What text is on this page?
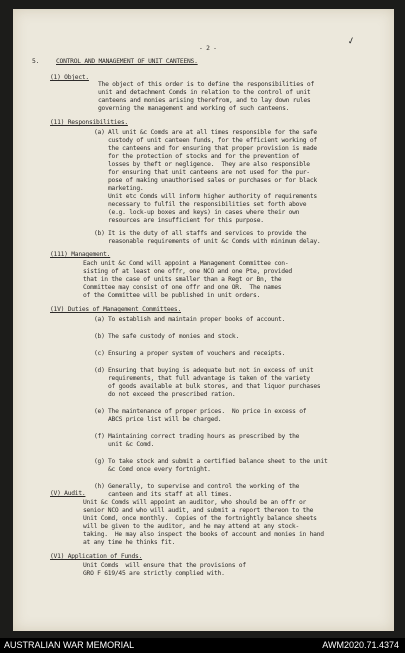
✓
- 2 -
5.	CONTROL AND MANAGEMENT OF UNIT CANTEENS.
(1) Object.
The object of this order is to define the responsibilities of
unit and detachment Comds in relation to the control of unit
canteens and monies arising therefrom, and to lay down rules
governing the management and working of such canteens.
(11) Responsibilities.
(a) All unit &c Comds are at all times responsible for the safe
custody of unit canteen funds, for the efficient working of
the canteens and for ensuring that proper provision is made
for the protection of stocks and for the prevention of
losses by theft or negligence.  They are also responsible
for ensuring that unit canteens are not used for the pur-
pose of making unauthorised sales or purchases or for black
marketing.
Unit etc Comds will inform higher authority of requirements
necessary to fulfil the responsibilities set forth above
(e.g. lock-up boxes and keys) in cases where their own
resources are insufficient for this purpose.
(b) It is the duty of all staffs and services to provide the
reasonable requirements of unit &c Comds with minimum delay.
(111) Management.
Each unit &c Comd will appoint a Management Committee con-
sisting of at least one offr, one NCO and one Pte, provided
that in the case of units smaller than a Regt or Bn, the
Committee may consist of one offr and one OR.  The names
of the Committee will be published in unit orders.
(1V) Duties of Management Committees.
(a) To establish and maintain proper books of account.
(b) The safe custody of monies and stock.
(c) Ensuring a proper system of vouchers and receipts.
(d) Ensuring that buying is adequate but not in excess of unit
requirements, that full advantage is taken of the variety
of goods available at bulk stores, and that liquor purchases
do not exceed the prescribed ration.
(e) The maintenance of proper prices.  No price in excess of
ABCS price list will be charged.
(f) Maintaining correct trading hours as prescribed by the
unit &c Comd.
(g) To take stock and submit a certified balance sheet to the unit
&c Comd once every fortnight.
(h) Generally, to supervise and control the working of the
canteen and its staff at all times.
(V) Audit.
Unit &c Comds will appoint an auditor, who should be an offr or
senior NCO and who will audit, and submit a report thereon to the
Unit Comd, once monthly.  Copies of the fortnightly balance sheets
will be given to the auditor, and he may attend at any stock-
taking.  He may also inspect the books of account and monies in hand
at any time he thinks fit.
(V1) Application of Funds.
Unit Comds  will ensure that the provisions of
GRO F 619/45 are strictly complied with.
AUSTRALIAN WAR MEMORIAL	AWM2020.71.4374
